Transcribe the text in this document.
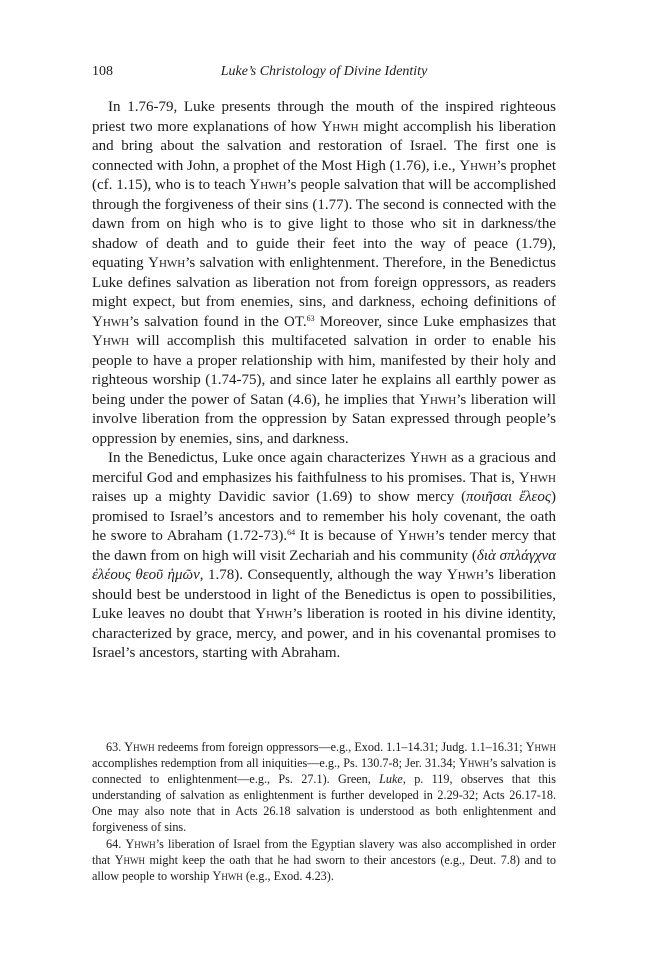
108	Luke’s Christology of Divine Identity

In 1.76-79, Luke presents through the mouth of the inspired righteous priest two more explanations of how Yhwh might accomplish his liberation and bring about the salvation and restoration of Israel. The first one is connected with John, a prophet of the Most High (1.76), i.e., Yhwh’s prophet (cf. 1.15), who is to teach Yhwh’s people salvation that will be accomplished through the forgiveness of their sins (1.77). The second is connected with the dawn from on high who is to give light to those who sit in darkness/the shadow of death and to guide their feet into the way of peace (1.79), equating Yhwh’s salvation with enlightenment. Therefore, in the Benedictus Luke defines salvation as liberation not from foreign oppressors, as readers might expect, but from enemies, sins, and darkness, echoing definitions of Yhwh’s salvation found in the OT.$^{63}$ Moreover, since Luke emphasizes that Yhwh will accomplish this multifaceted salvation in order to enable his people to have a proper relationship with him, manifested by their holy and righteous worship (1.74-75), and since later he explains all earthly power as being under the power of Satan (4.6), he implies that Yhwh’s liberation will involve liberation from the oppression by Satan expressed through people’s oppression by enemies, sins, and darkness.

In the Benedictus, Luke once again characterizes Yhwh as a gracious and merciful God and emphasizes his faithfulness to his promises. That is, Yhwh raises up a mighty Davidic savior (1.69) to show mercy (ποιῆσαι ἔλεος) promised to Israel’s ancestors and to remember his holy covenant, the oath he swore to Abraham (1.72-73).$^{64}$ It is because of Yhwh’s tender mercy that the dawn from on high will visit Zechariah and his community (διὰ σπλάγχνα ἐλέους θεοῦ ἡμῶν, 1.78). Consequently, although the way Yhwh’s liberation should best be understood in light of the Benedictus is open to possibilities, Luke leaves no doubt that Yhwh’s liberation is rooted in his divine identity, characterized by grace, mercy, and power, and in his covenantal promises to Israel’s ancestors, starting with Abraham.

63. Yhwh redeems from foreign oppressors—e.g., Exod. 1.1–14.31; Judg. 1.1–16.31; Yhwh accomplishes redemption from all iniquities—e.g., Ps. 130.7-8; Jer. 31.34; Yhwh’s salvation is connected to enlightenment—e.g., Ps. 27.1). Green, Luke, p. 119, observes that this understanding of salvation as enlightenment is further developed in 2.29-32; Acts 26.17-18. One may also note that in Acts 26.18 salvation is understood as both enlightenment and forgiveness of sins.

64. Yhwh’s liberation of Israel from the Egyptian slavery was also accomplished in order that Yhwh might keep the oath that he had sworn to their ancestors (e.g., Deut. 7.8) and to allow people to worship Yhwh (e.g., Exod. 4.23).
